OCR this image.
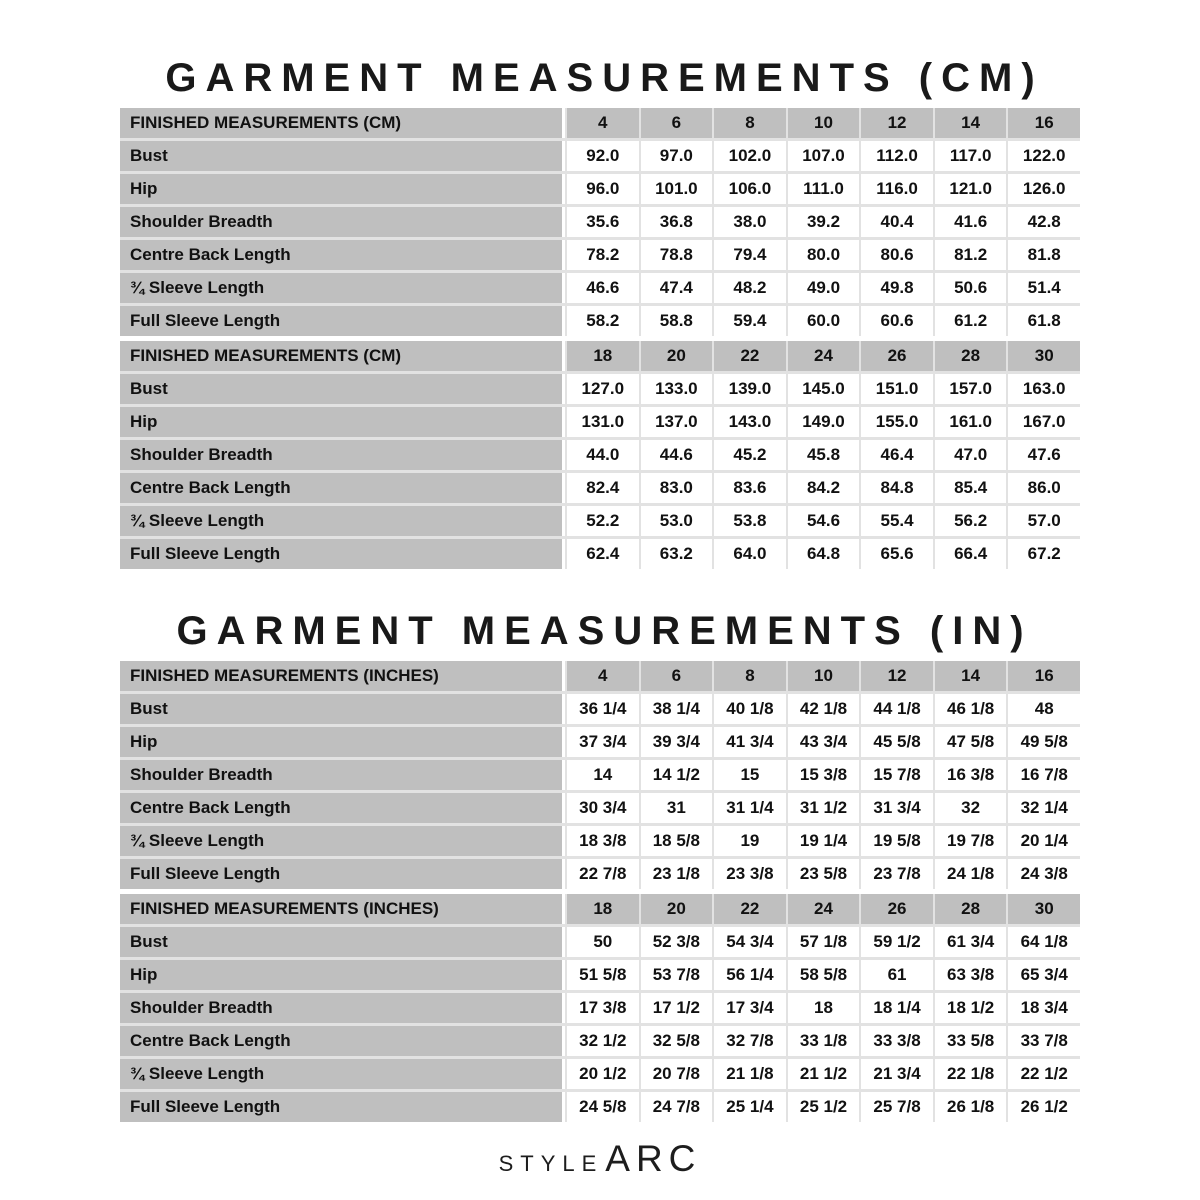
GARMENT MEASUREMENTS (CM)
FINISHED MEASUREMENTS (CM)	4	6	8	10	12	14	16
Bust	92.0	97.0	102.0	107.0	112.0	117.0	122.0
Hip	96.0	101.0	106.0	111.0	116.0	121.0	126.0
Shoulder Breadth	35.6	36.8	38.0	39.2	40.4	41.6	42.8
Centre Back Length	78.2	78.8	79.4	80.0	80.6	81.2	81.8
¾ Sleeve Length	46.6	47.4	48.2	49.0	49.8	50.6	51.4
Full Sleeve Length	58.2	58.8	59.4	60.0	60.6	61.2	61.8
FINISHED MEASUREMENTS (CM)	18	20	22	24	26	28	30
Bust	127.0	133.0	139.0	145.0	151.0	157.0	163.0
Hip	131.0	137.0	143.0	149.0	155.0	161.0	167.0
Shoulder Breadth	44.0	44.6	45.2	45.8	46.4	47.0	47.6
Centre Back Length	82.4	83.0	83.6	84.2	84.8	85.4	86.0
¾ Sleeve Length	52.2	53.0	53.8	54.6	55.4	56.2	57.0
Full Sleeve Length	62.4	63.2	64.0	64.8	65.6	66.4	67.2
GARMENT MEASUREMENTS (IN)
FINISHED MEASUREMENTS (INCHES)	4	6	8	10	12	14	16
Bust	36 1/4	38 1/4	40 1/8	42 1/8	44 1/8	46 1/8	48
Hip	37 3/4	39 3/4	41 3/4	43 3/4	45 5/8	47 5/8	49 5/8
Shoulder Breadth	14	14 1/2	15	15 3/8	15 7/8	16 3/8	16 7/8
Centre Back Length	30 3/4	31	31 1/4	31 1/2	31 3/4	32	32 1/4
¾ Sleeve Length	18 3/8	18 5/8	19	19 1/4	19 5/8	19 7/8	20 1/4
Full Sleeve Length	22 7/8	23 1/8	23 3/8	23 5/8	23 7/8	24 1/8	24 3/8
FINISHED MEASUREMENTS (INCHES)	18	20	22	24	26	28	30
Bust	50	52 3/8	54 3/4	57 1/8	59 1/2	61 3/4	64 1/8
Hip	51 5/8	53 7/8	56 1/4	58 5/8	61	63 3/8	65 3/4
Shoulder Breadth	17 3/8	17 1/2	17 3/4	18	18 1/4	18 1/2	18 3/4
Centre Back Length	32 1/2	32 5/8	32 7/8	33 1/8	33 3/8	33 5/8	33 7/8
¾ Sleeve Length	20 1/2	20 7/8	21 1/8	21 1/2	21 3/4	22 1/8	22 1/2
Full Sleeve Length	24 5/8	24 7/8	25 1/4	25 1/2	25 7/8	26 1/8	26 1/2
STYLE ARC
